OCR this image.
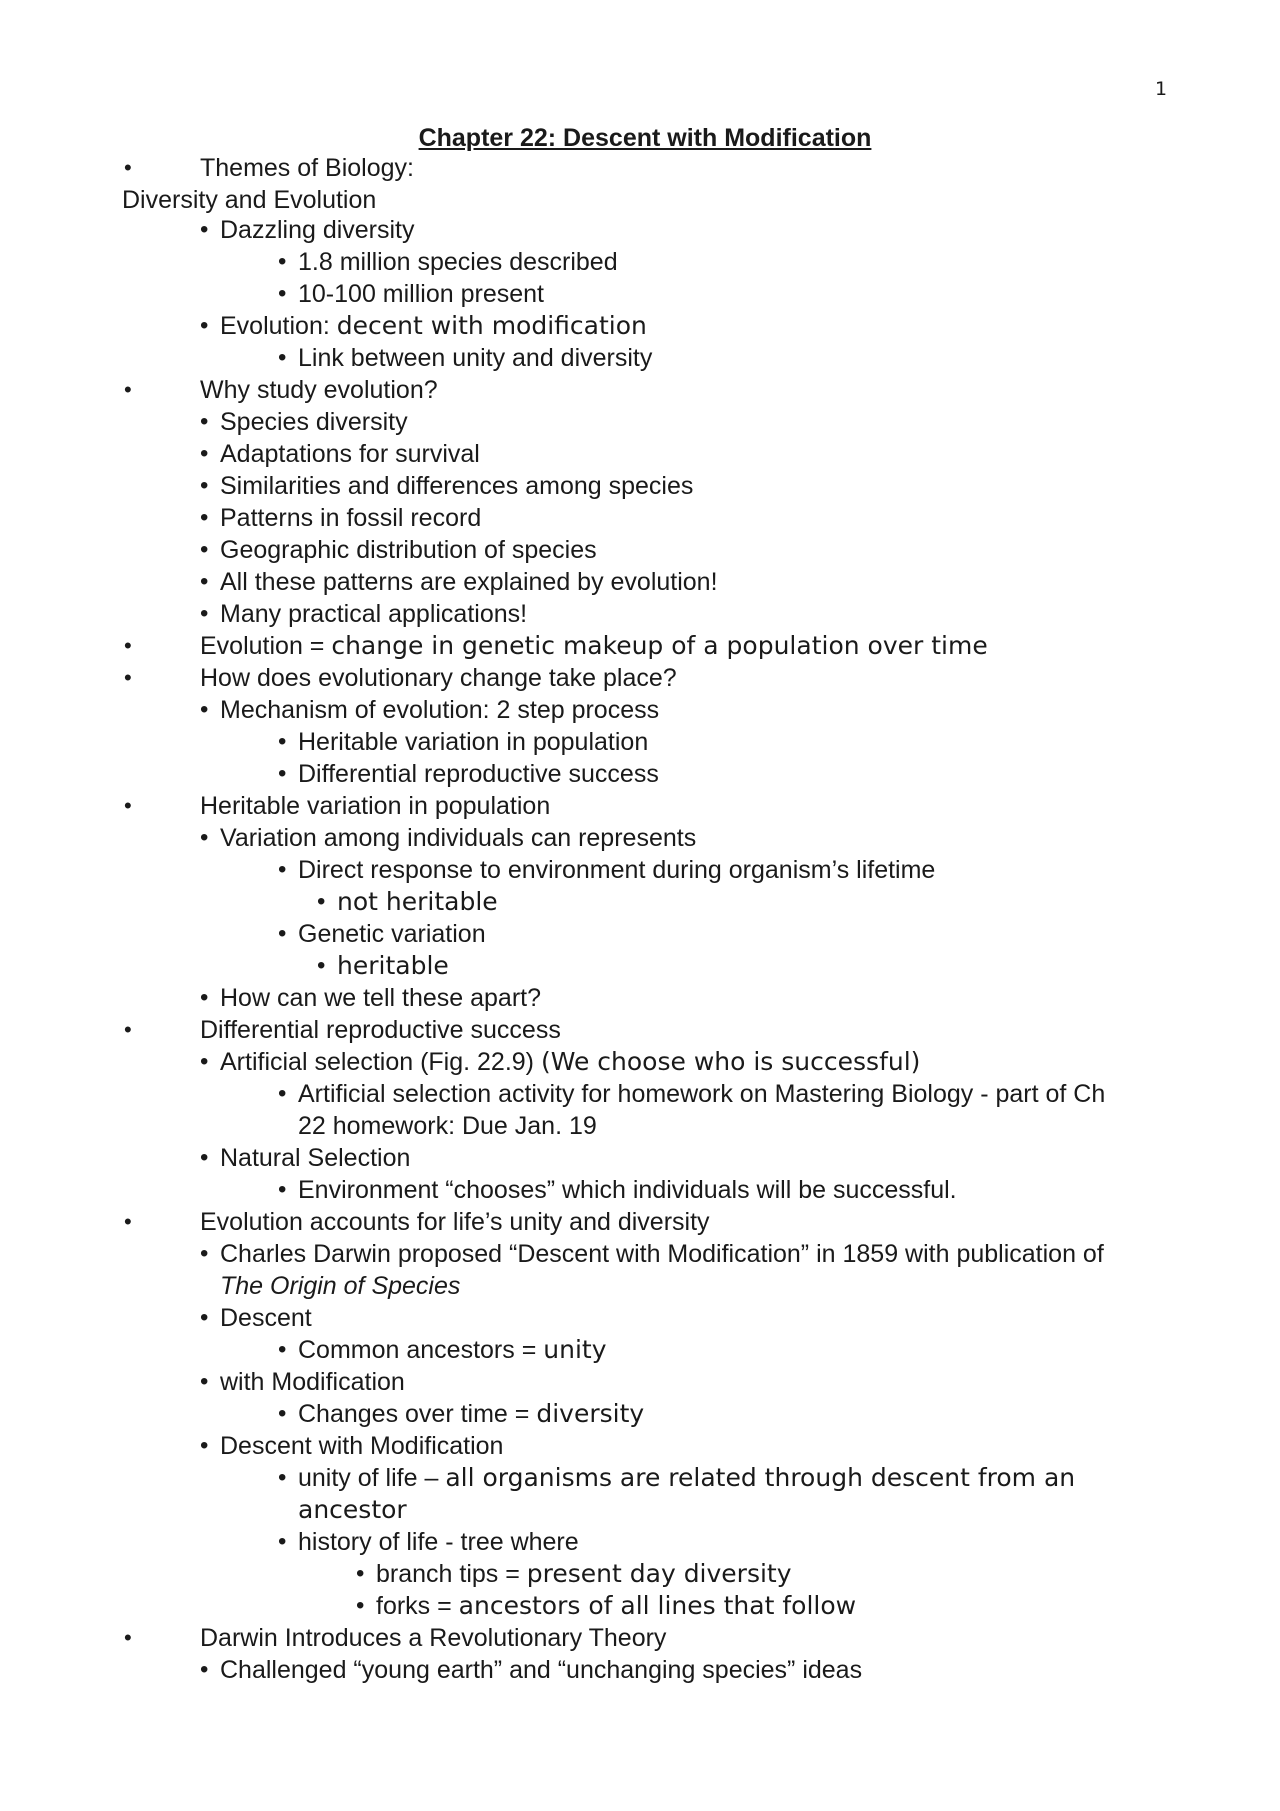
1
Chapter 22: Descent with Modification
•	Themes of Biology:
Diversity and Evolution
• Dazzling diversity
• 1.8 million species described
• 10-100 million present
• Evolution: decent with modification
• Link between unity and diversity
•	Why study evolution?
• Species diversity
• Adaptations for survival
• Similarities and differences among species
• Patterns in fossil record
• Geographic distribution of species
• All these patterns are explained by evolution!
• Many practical applications!
•	Evolution = change in genetic makeup of a population over time
•	How does evolutionary change take place?
• Mechanism of evolution: 2 step process
• Heritable variation in population
• Differential reproductive success
•	Heritable variation in population
• Variation among individuals can represents
• Direct response to environment during organism’s lifetime
• not heritable
• Genetic variation
• heritable
• How can we tell these apart?
•	Differential reproductive success
• Artificial selection (Fig. 22.9) (We choose who is successful)
• Artificial selection activity for homework on Mastering Biology - part of Ch
22 homework: Due Jan. 19
• Natural Selection
• Environment “chooses” which individuals will be successful.
•	Evolution accounts for life’s unity and diversity
• Charles Darwin proposed “Descent with Modification” in 1859 with publication of
The Origin of Species
• Descent
• Common ancestors = unity
• with Modification
• Changes over time = diversity
• Descent with Modification
• unity of life – all organisms are related through descent from an
ancestor
• history of life - tree where
• branch tips = present day diversity
• forks = ancestors of all lines that follow
•	Darwin Introduces a Revolutionary Theory
• Challenged “young earth” and “unchanging species” ideas
